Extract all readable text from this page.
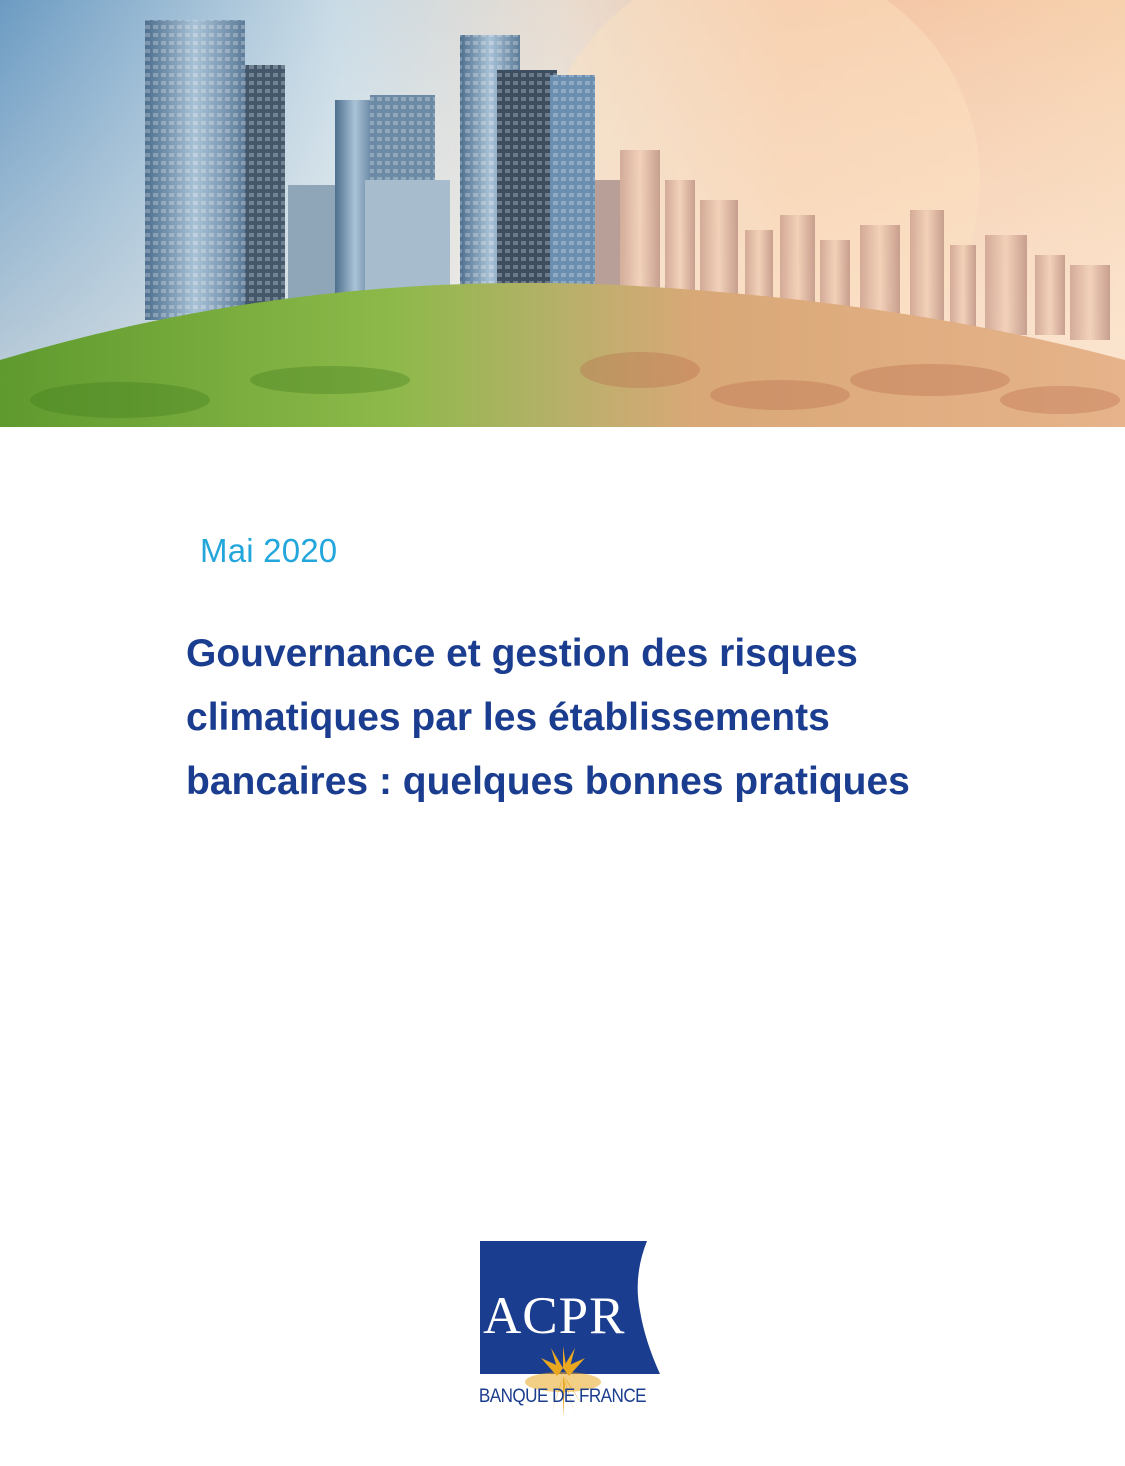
Mai 2020
Gouvernance et gestion des risques
climatiques par les établissements
bancaires : quelques bonnes pratiques
ACPR
BANQUE DE FRANCE
